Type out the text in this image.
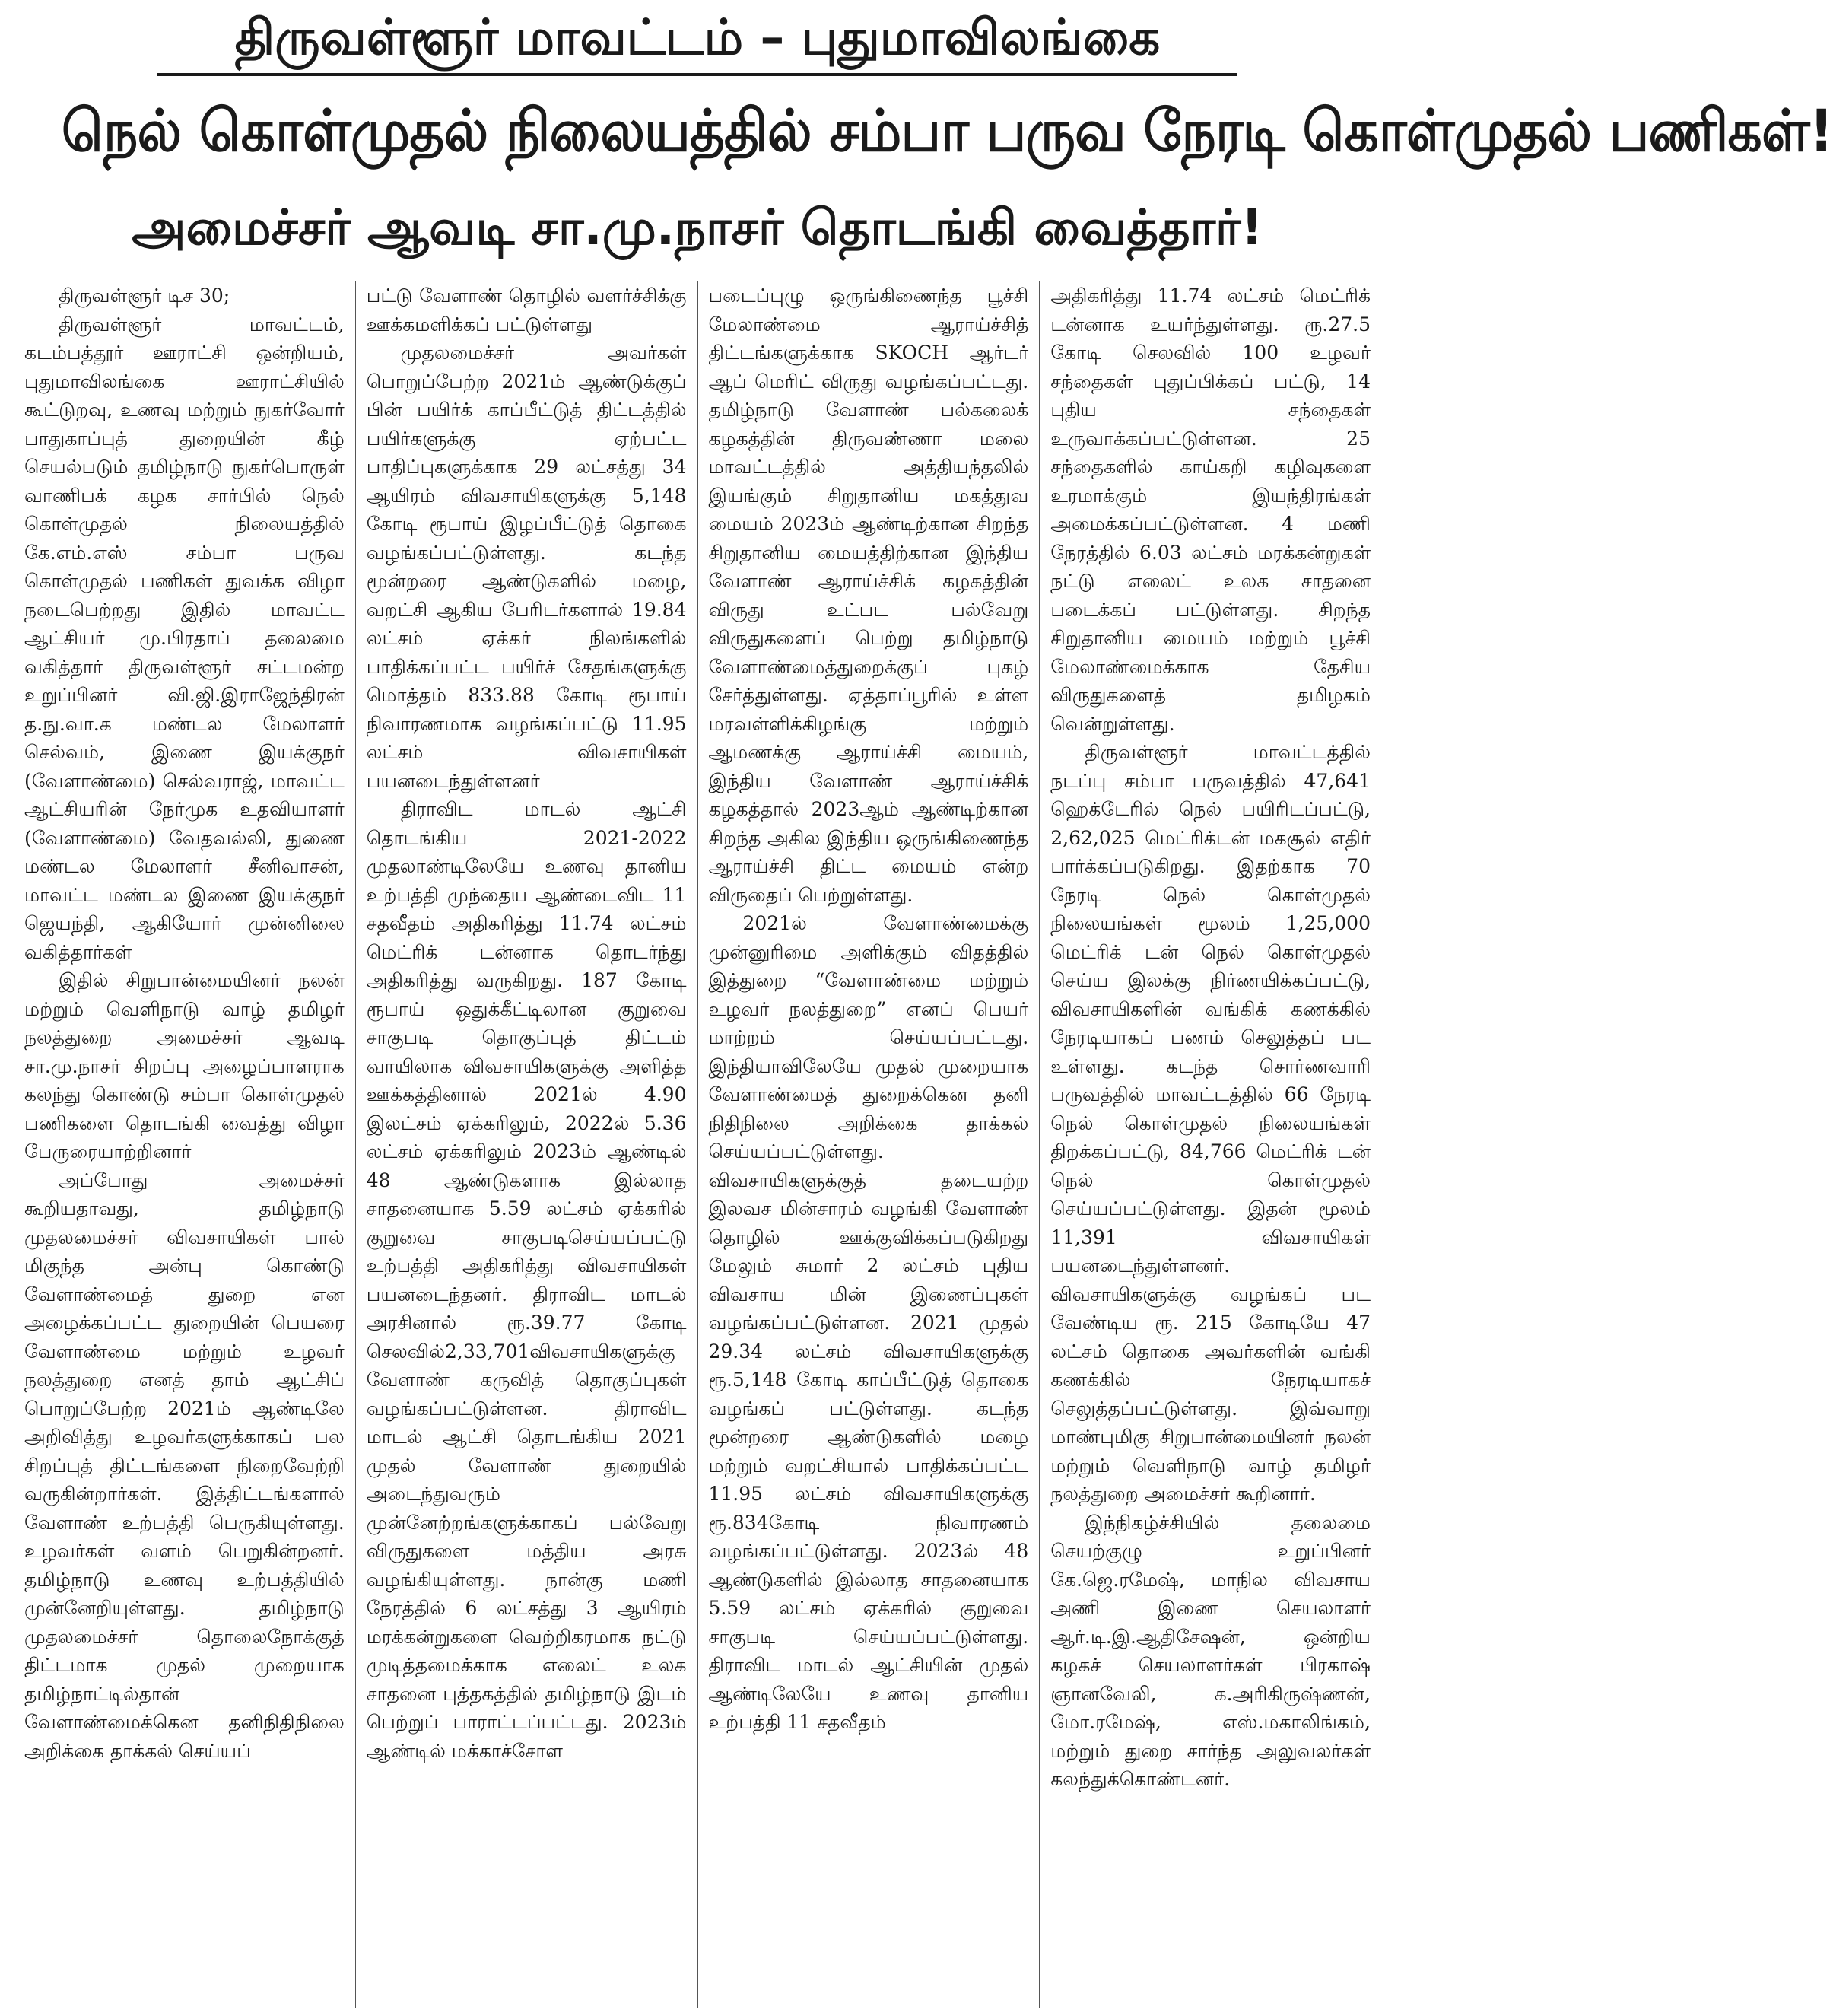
திருவள்ளூர் மாவட்டம் – புதுமாவிலங்கை
நெல் கொள்முதல் நிலையத்தில் சம்பா பருவ நேரடி கொள்முதல் பணிகள்!
அமைச்சர் ஆவடி சா.மு.நாசர் தொடங்கி வைத்தார்!

திருவள்ளூர் டிச 30;

திருவள்ளூர் மாவட்டம், கடம்பத்தூர் ஊராட்சி ஒன்றியம், புதுமாவிலங்கை ஊராட்சியில் கூட்டுறவு, உணவு மற்றும் நுகர்வோர் பாதுகாப்புத் துறையின் கீழ் செயல்படும் தமிழ்நாடு நுகர்பொருள் வாணிபக் கழக சார்பில் நெல் கொள்முதல் நிலையத்தில் கே.எம்.எஸ் சம்பா பருவ கொள்முதல் பணிகள் துவக்க விழா நடைபெற்றது இதில் மாவட்ட ஆட்சியர் மு.பிரதாப் தலைமை வகித்தார் திருவள்ளூர் சட்டமன்ற உறுப்பினர் வி.ஜி.இராஜேந்திரன் த.நு.வா.க மண்டல மேலாளர் செல்வம், இணை இயக்குநர் (வேளாண்மை) செல்வராஜ், மாவட்ட ஆட்சியரின் நேர்முக உதவியாளர் (வேளாண்மை) வேதவல்லி, துணை மண்டல மேலாளர் சீனிவாசன், மாவட்ட மண்டல இணை இயக்குநர் ஜெயந்தி, ஆகியோர் முன்னிலை வகித்தார்கள்

இதில் சிறுபான்மையினர் நலன் மற்றும் வெளிநாடு வாழ் தமிழர் நலத்துறை அமைச்சர் ஆவடி சா.மு.நாசர் சிறப்பு அழைப்பாளராக கலந்து கொண்டு சம்பா கொள்முதல் பணிகளை தொடங்கி வைத்து விழா பேருரையாற்றினார்

அப்போது அமைச்சர் கூறியதாவது, தமிழ்நாடு முதலமைச்சர் விவசாயிகள் பால் மிகுந்த அன்பு கொண்டு வேளாண்மைத் துறை என அழைக்கப்பட்ட துறையின் பெயரை வேளாண்மை மற்றும் உழவர் நலத்துறை எனத் தாம் ஆட்சிப் பொறுப்பேற்ற 2021ம் ஆண்டிலே அறிவித்து உழவர்களுக்காகப் பல சிறப்புத் திட்டங்களை நிறைவேற்றி வருகின்றார்கள். இத்திட்டங்களால் வேளாண் உற்பத்தி பெருகியுள்ளது. உழவர்கள் வளம் பெறுகின்றனர். தமிழ்நாடு உணவு உற்பத்தியில் முன்னேறியுள்ளது. தமிழ்நாடு முதலமைச்சர் தொலைநோக்குத் திட்டமாக முதல் முறையாக தமிழ்நாட்டில்தான் வேளாண்மைக்கென தனிநிதிநிலை அறிக்கை தாக்கல் செய்யப்

பட்டு வேளாண் தொழில் வளர்ச்சிக்கு ஊக்கமளிக்கப் பட்டுள்ளது

முதலமைச்சர் அவர்கள் பொறுப்பேற்ற 2021ம் ஆண்டுக்குப் பின் பயிர்க் காப்பீட்டுத் திட்டத்தில் பயிர்களுக்கு ஏற்பட்ட பாதிப்புகளுக்காக 29 லட்சத்து 34 ஆயிரம் விவசாயிகளுக்கு 5,148 கோடி ரூபாய் இழப்பீட்டுத் தொகை வழங்கப்பட்டுள்ளது. கடந்த மூன்றரை ஆண்டுகளில் மழை, வறட்சி ஆகிய பேரிடர்களால் 19.84 லட்சம் ஏக்கர் நிலங்களில் பாதிக்கப்பட்ட பயிர்ச் சேதங்களுக்கு மொத்தம் 833.88 கோடி ரூபாய் நிவாரணமாக வழங்கப்பட்டு 11.95 லட்சம் விவசாயிகள் பயனடைந்துள்ளனர்

திராவிட மாடல் ஆட்சி தொடங்கிய 2021-2022 முதலாண்டிலேயே உணவு தானிய உற்பத்தி முந்தைய ஆண்டைவிட 11 சதவீதம் அதிகரித்து 11.74 லட்சம் மெட்ரிக் டன்னாக தொடர்ந்து அதிகரித்து வருகிறது. 187 கோடி ரூபாய் ஒதுக்கீட்டிலான குறுவை சாகுபடி தொகுப்புத் திட்டம் வாயிலாக விவசாயிகளுக்கு அளித்த ஊக்கத்தினால் 2021ல் 4.90 இலட்சம் ஏக்கரிலும், 2022ல் 5.36 லட்சம் ஏக்கரிலும் 2023ம் ஆண்டில் 48 ஆண்டுகளாக இல்லாத சாதனையாக 5.59 லட்சம் ஏக்கரில் குறுவை சாகுபடிசெய்யப்பட்டு உற்பத்தி அதிகரித்து விவசாயிகள் பயனடைந்தனர். திராவிட மாடல் அரசினால் ரூ.39.77 கோடி செலவில்2,33,701விவசாயிகளுக்கு வேளாண் கருவித் தொகுப்புகள் வழங்கப்பட்டுள்ளன. திராவிட மாடல் ஆட்சி தொடங்கிய 2021 முதல் வேளாண் துறையில் அடைந்துவரும் முன்னேற்றங்களுக்காகப் பல்வேறு விருதுகளை மத்திய அரசு வழங்கியுள்ளது. நான்கு மணி நேரத்தில் 6 லட்சத்து 3 ஆயிரம் மரக்கன்றுகளை வெற்றிகரமாக நட்டு முடித்தமைக்காக எலைட் உலக சாதனை புத்தகத்தில் தமிழ்நாடு இடம் பெற்றுப் பாராட்டப்பட்டது. 2023ம் ஆண்டில் மக்காச்சோள

படைப்புழு ஒருங்கிணைந்த பூச்சி மேலாண்மை ஆராய்ச்சித் திட்டங்களுக்காக SKOCH ஆர்டர் ஆப் மெரிட் விருது வழங்கப்பட்டது. தமிழ்நாடு வேளாண் பல்கலைக் கழகத்தின் திருவண்ணா மலை மாவட்டத்தில் அத்தியந்தலில் இயங்கும் சிறுதானிய மகத்துவ மையம் 2023ம் ஆண்டிற்கான சிறந்த சிறுதானிய மையத்திற்கான இந்திய வேளாண் ஆராய்ச்சிக் கழகத்தின் விருது உட்பட பல்வேறு விருதுகளைப் பெற்று தமிழ்நாடு வேளாண்மைத்துறைக்குப் புகழ் சேர்த்துள்ளது. ஏத்தாப்பூரில் உள்ள மரவள்ளிக்கிழங்கு மற்றும் ஆமணக்கு ஆராய்ச்சி மையம், இந்திய வேளாண் ஆராய்ச்சிக் கழகத்தால் 2023ஆம் ஆண்டிற்கான சிறந்த அகில இந்திய ஒருங்கிணைந்த ஆராய்ச்சி திட்ட மையம் என்ற விருதைப் பெற்றுள்ளது.

2021ல் வேளாண்மைக்கு முன்னுரிமை அளிக்கும் விதத்தில் இத்துறை “வேளாண்மை மற்றும் உழவர் நலத்துறை” எனப் பெயர் மாற்றம் செய்யப்பட்டது. இந்தியாவிலேயே முதல் முறையாக வேளாண்மைத் துறைக்கென தனி நிதிநிலை அறிக்கை தாக்கல் செய்யப்பட்டுள்ளது. விவசாயிகளுக்குத் தடையற்ற இலவச மின்சாரம் வழங்கி வேளாண் தொழில் ஊக்குவிக்கப்படுகிறது மேலும் சுமார் 2 லட்சம் புதிய விவசாய மின் இணைப்புகள் வழங்கப்பட்டுள்ளன. 2021 முதல் 29.34 லட்சம் விவசாயிகளுக்கு ரூ.5,148 கோடி காப்பீட்டுத் தொகை வழங்கப் பட்டுள்ளது. கடந்த மூன்றரை ஆண்டுகளில் மழை மற்றும் வறட்சியால் பாதிக்கப்பட்ட 11.95 லட்சம் விவசாயிகளுக்கு ரூ.834கோடி நிவாரணம் வழங்கப்பட்டுள்ளது. 2023ல் 48 ஆண்டுகளில் இல்லாத சாதனையாக 5.59 லட்சம் ஏக்கரில் குறுவை சாகுபடி செய்யப்பட்டுள்ளது. திராவிட மாடல் ஆட்சியின் முதல் ஆண்டிலேயே உணவு தானிய உற்பத்தி 11 சதவீதம்

அதிகரித்து 11.74 லட்சம் மெட்ரிக் டன்னாக உயர்ந்துள்ளது. ரூ.27.5 கோடி செலவில் 100 உழவர் சந்தைகள் புதுப்பிக்கப் பட்டு, 14 புதிய சந்தைகள் உருவாக்கப்பட்டுள்ளன. 25 சந்தைகளில் காய்கறி கழிவுகளை உரமாக்கும் இயந்திரங்கள் அமைக்கப்பட்டுள்ளன. 4 மணி நேரத்தில் 6.03 லட்சம் மரக்கன்றுகள் நட்டு எலைட் உலக சாதனை படைக்கப் பட்டுள்ளது. சிறந்த சிறுதானிய மையம் மற்றும் பூச்சி மேலாண்மைக்காக தேசிய விருதுகளைத் தமிழகம் வென்றுள்ளது.

திருவள்ளூர் மாவட்டத்தில் நடப்பு சம்பா பருவத்தில் 47,641 ஹெக்டேரில் நெல் பயிரிடப்பட்டு, 2,62,025 மெட்ரிக்டன் மகசூல் எதிர் பார்க்கப்படுகிறது. இதற்காக 70 நேரடி நெல் கொள்முதல் நிலையங்கள் மூலம் 1,25,000 மெட்ரிக் டன் நெல் கொள்முதல் செய்ய இலக்கு நிர்ணயிக்கப்பட்டு, விவசாயிகளின் வங்கிக் கணக்கில் நேரடியாகப் பணம் செலுத்தப் பட உள்ளது. கடந்த சொர்ணவாரி பருவத்தில் மாவட்டத்தில் 66 நேரடி நெல் கொள்முதல் நிலையங்கள் திறக்கப்பட்டு, 84,766 மெட்ரிக் டன் நெல் கொள்முதல் செய்யப்பட்டுள்ளது. இதன் மூலம் 11,391 விவசாயிகள் பயனடைந்துள்ளனர். விவசாயிகளுக்கு வழங்கப் பட வேண்டிய ரூ. 215 கோடியே 47 லட்சம் தொகை அவர்களின் வங்கி கணக்கில் நேரடியாகச் செலுத்தப்பட்டுள்ளது. இவ்வாறு மாண்புமிகு சிறுபான்மையினர் நலன் மற்றும் வெளிநாடு வாழ் தமிழர் நலத்துறை அமைச்சர் கூறினார்.

இந்நிகழ்ச்சியில் தலைமை செயற்குழு உறுப்பினர் கே.ஜெ.ரமேஷ், மாநில விவசாய அணி இணை செயலாளர் ஆர்.டி.இ.ஆதிசேஷன், ஒன்றிய கழகச் செயலாளர்கள் பிரகாஷ் ஞானவேலி, க.அரிகிருஷ்ணன், மோ.ரமேஷ், எஸ்.மகாலிங்கம், மற்றும் துறை சார்ந்த அலுவலர்கள் கலந்துக்கொண்டனர்.
